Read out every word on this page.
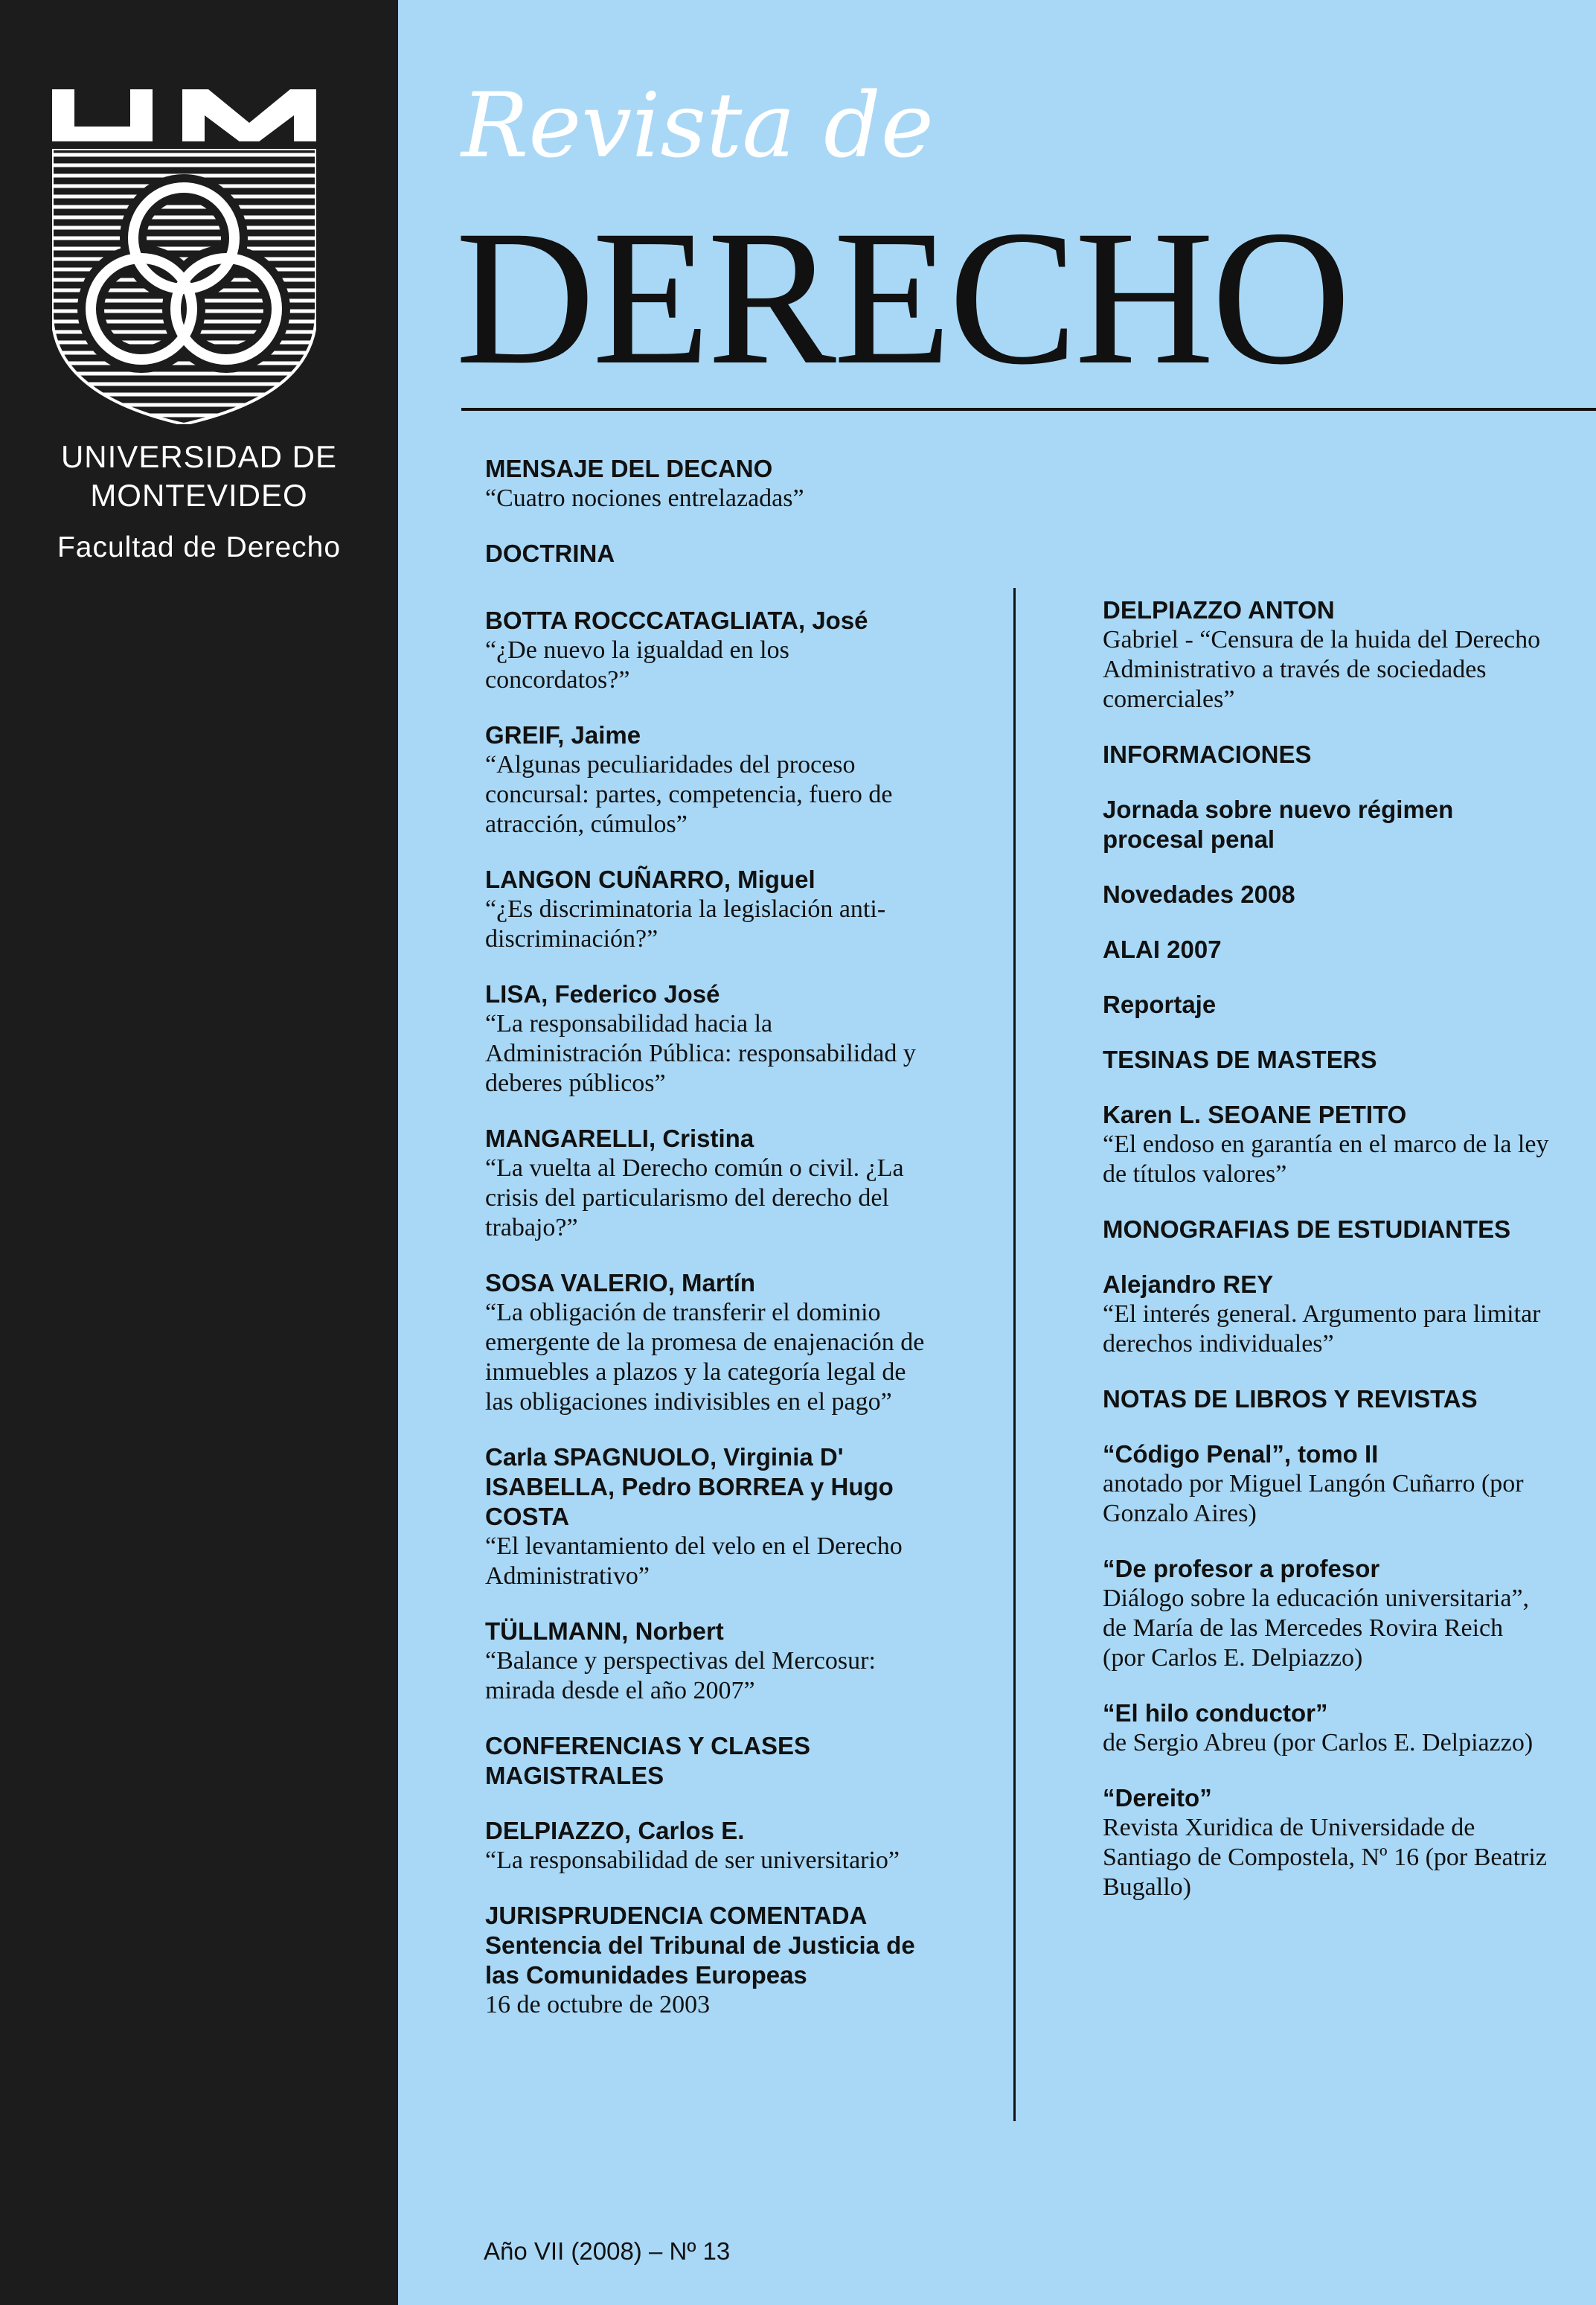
UNIVERSIDAD DE
MONTEVIDEO
Facultad de Derecho
Revista de
DERECHO
MENSAJE DEL DECANO
“Cuatro nociones entrelazadas”
DOCTRINA
BOTTA ROCCCATAGLIATA, José
“¿De nuevo la igualdad en los concordatos?”
GREIF, Jaime
“Algunas peculiaridades del proceso concursal: partes, competencia, fuero de atracción, cúmulos”
LANGON CUÑARRO, Miguel
“¿Es discriminatoria la legislación anti-discriminación?”
LISA, Federico José
“La responsabilidad hacia la Administración Pública: responsabilidad y deberes públicos”
MANGARELLI, Cristina
“La vuelta al Derecho común o civil. ¿La crisis del particularismo del derecho del trabajo?”
SOSA VALERIO, Martín
“La obligación de transferir el dominio emergente de la promesa de enajenación de inmuebles a plazos y la categoría legal de las obligaciones indivisibles en el pago”
Carla SPAGNUOLO, Virginia D' ISABELLA, Pedro BORREA y Hugo COSTA
“El levantamiento del velo en el Derecho Administrativo”
TÜLLMANN, Norbert
“Balance y perspectivas del Mercosur: mirada desde el año 2007”
CONFERENCIAS Y CLASES MAGISTRALES
DELPIAZZO, Carlos E.
“La responsabilidad de ser universitario”
JURISPRUDENCIA COMENTADA Sentencia del Tribunal de Justicia de las Comunidades Europeas
16 de octubre de 2003
DELPIAZZO ANTON
Gabriel - “Censura de la huida del Derecho Administrativo a través de sociedades comerciales”
INFORMACIONES
Jornada sobre nuevo régimen procesal penal
Novedades 2008
ALAI 2007
Reportaje
TESINAS DE MASTERS
Karen L. SEOANE PETITO
“El endoso en garantía en el marco de la ley de títulos valores”
MONOGRAFIAS DE ESTUDIANTES
Alejandro REY
“El interés general. Argumento para limitar derechos individuales”
NOTAS DE LIBROS Y REVISTAS
“Código Penal”, tomo II
anotado por Miguel Langón Cuñarro (por Gonzalo Aires)
“De profesor a profesor
Diálogo sobre la educación universitaria”, de María de las Mercedes Rovira Reich (por Carlos E. Delpiazzo)
“El hilo conductor”
de Sergio Abreu (por Carlos E. Delpiazzo)
“Dereito”
Revista Xuridica de Universidade de Santiago de Compostela, Nº 16 (por Beatriz Bugallo)
Año VII (2008) – Nº 13
